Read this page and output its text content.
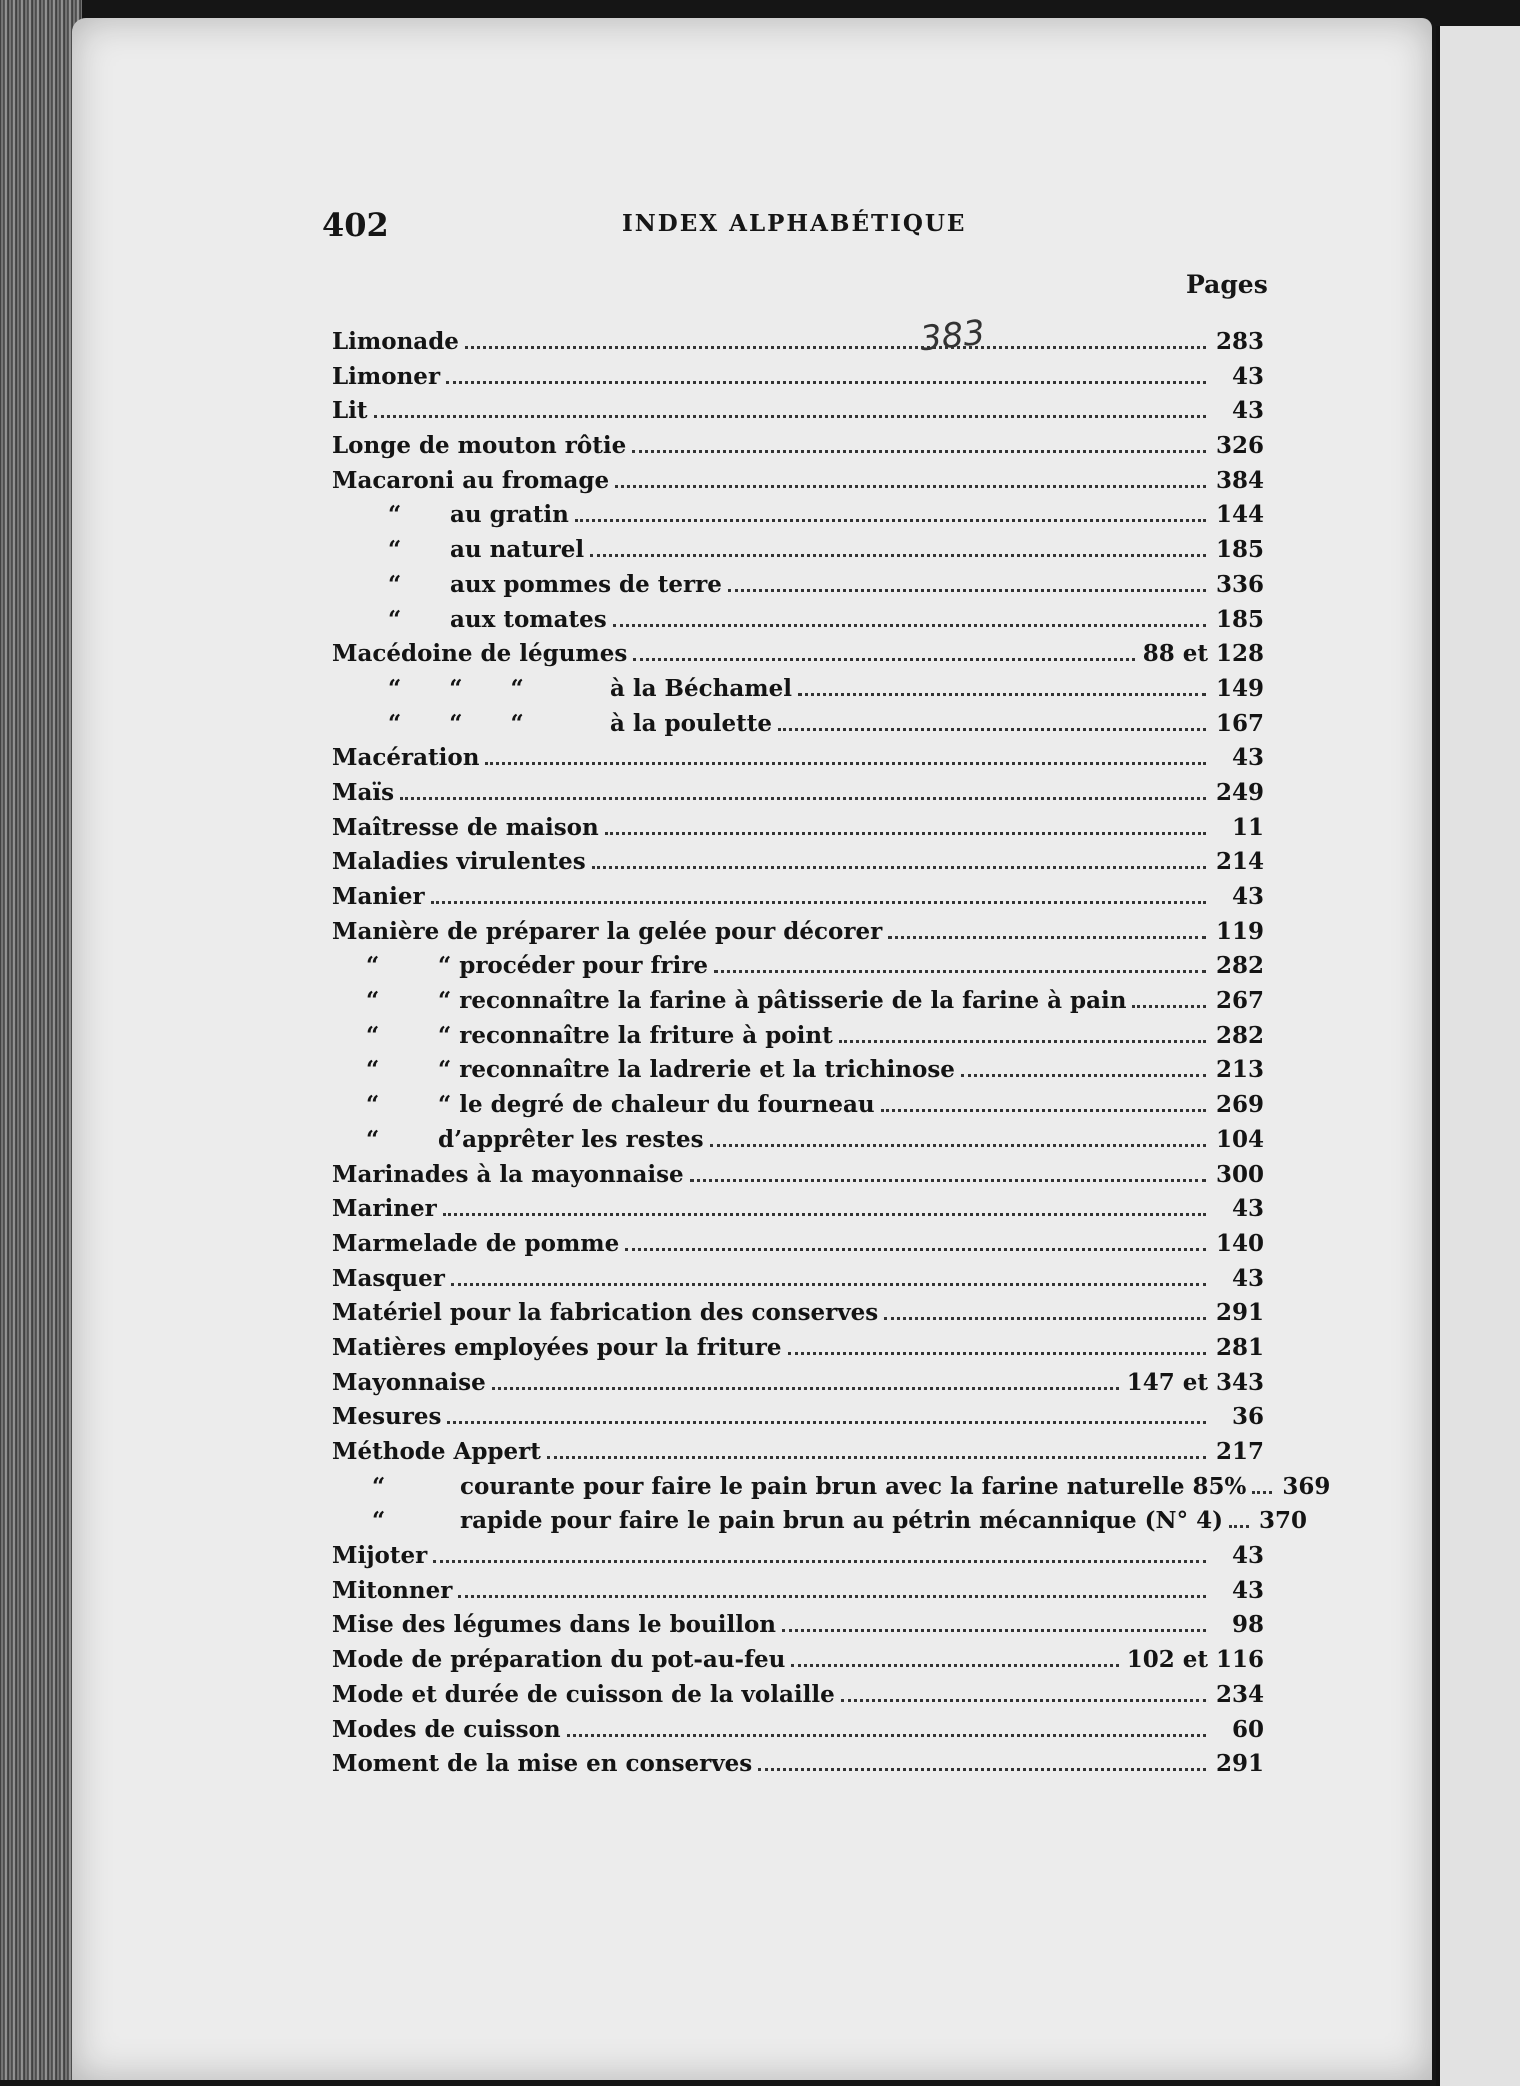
402	INDEX ALPHABÉTIQUE
Pages
383
Limonade	283
Limoner	43
Lit	43
Longe de mouton rôtie	326
Macaroni au fromage	384
“	au gratin	144
“	au naturel	185
“	aux pommes de terre	336
“	aux tomates	185
Macédoine de légumes	88 et 128
“      “      “	à la Béchamel	149
“      “      “	à la poulette	167
Macération	43
Maïs	249
Maîtresse de maison	11
Maladies virulentes	214
Manier	43
Manière de préparer la gelée pour décorer	119
“	“ procéder pour frire	282
“	“ reconnaître la farine à pâtisserie de la farine à pain	267
“	“ reconnaître la friture à point	282
“	“ reconnaître la ladrerie et la trichinose	213
“	“ le degré de chaleur du fourneau	269
“	d’apprêter les restes	104
Marinades à la mayonnaise	300
Mariner	43
Marmelade de pomme	140
Masquer	43
Matériel pour la fabrication des conserves	291
Matières employées pour la friture	281
Mayonnaise	147 et 343
Mesures	36
Méthode Appert	217
“	courante pour faire le pain brun avec la farine naturelle 85% 369
“	rapide pour faire le pain brun au pétrin mécannique (N° 4) 370
Mijoter	43
Mitonner	43
Mise des légumes dans le bouillon	98
Mode de préparation du pot-au-feu	102 et 116
Mode et durée de cuisson de la volaille	234
Modes de cuisson	60
Moment de la mise en conserves	291
